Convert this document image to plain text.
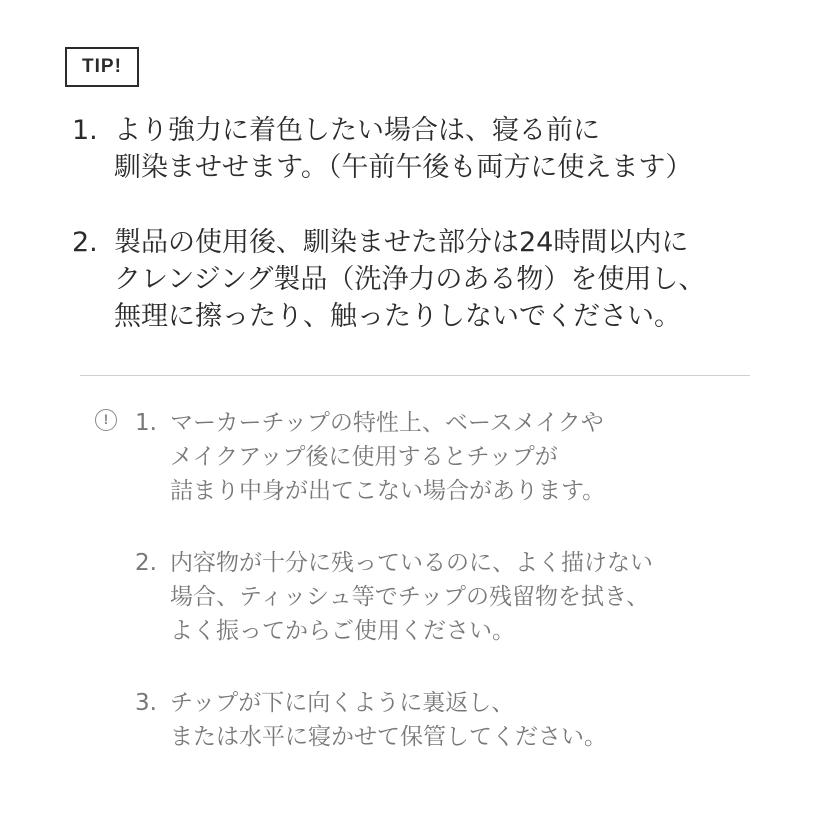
TIP!
1. より強力に着色したい場合は、寝る前に
馴染ませせます。（午前午後も両方に使えます）
2. 製品の使用後、馴染ませた部分は24時間以内に
クレンジング製品（洗浄力のある物）を使用し、
無理に擦ったり、触ったりしないでください。
!	1. マーカーチップの特性上、ベースメイクや
メイクアップ後に使用するとチップが
詰まり中身が出てこない場合があります。
2. 内容物が十分に残っているのに、よく描けない
場合、ティッシュ等でチップの残留物を拭き、
よく振ってからご使用ください。
3. チップが下に向くように裏返し、
または水平に寝かせて保管してください。
